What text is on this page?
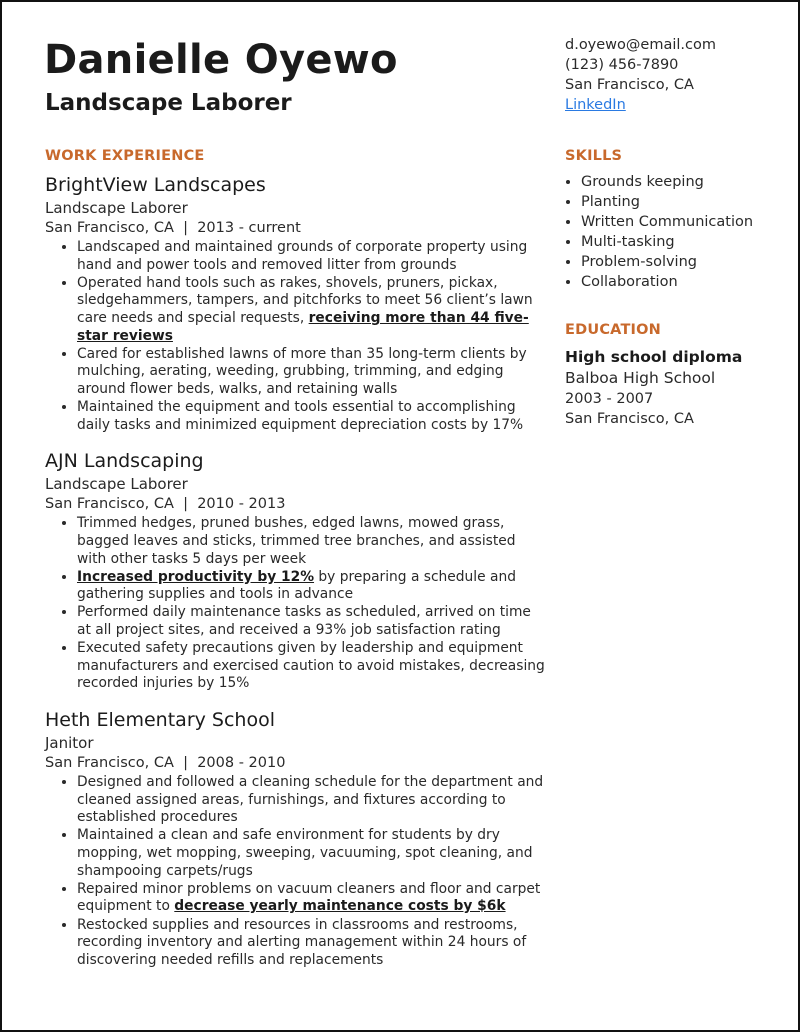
Danielle Oyewo
Landscape Laborer
d.oyewo@email.com
(123) 456-7890
San Francisco, CA
LinkedIn
WORK EXPERIENCE
BrightView Landscapes
Landscape Laborer
San Francisco, CA  |  2013 - current
• Landscaped and maintained grounds of corporate property using hand and power tools and removed litter from grounds
• Operated hand tools such as rakes, shovels, pruners, pickax, sledgehammers, tampers, and pitchforks to meet 56 client’s lawn care needs and special requests, receiving more than 44 five-star reviews
• Cared for established lawns of more than 35 long-term clients by mulching, aerating, weeding, grubbing, trimming, and edging around flower beds, walks, and retaining walls
• Maintained the equipment and tools essential to accomplishing daily tasks and minimized equipment depreciation costs by 17%
AJN Landscaping
Landscape Laborer
San Francisco, CA  |  2010 - 2013
• Trimmed hedges, pruned bushes, edged lawns, mowed grass, bagged leaves and sticks, trimmed tree branches, and assisted with other tasks 5 days per week
• Increased productivity by 12% by preparing a schedule and gathering supplies and tools in advance
• Performed daily maintenance tasks as scheduled, arrived on time at all project sites, and received a 93% job satisfaction rating
• Executed safety precautions given by leadership and equipment manufacturers and exercised caution to avoid mistakes, decreasing recorded injuries by 15%
Heth Elementary School
Janitor
San Francisco, CA  |  2008 - 2010
• Designed and followed a cleaning schedule for the department and cleaned assigned areas, furnishings, and fixtures according to established procedures
• Maintained a clean and safe environment for students by dry mopping, wet mopping, sweeping, vacuuming, spot cleaning, and shampooing carpets/rugs
• Repaired minor problems on vacuum cleaners and floor and carpet equipment to decrease yearly maintenance costs by $6k
• Restocked supplies and resources in classrooms and restrooms, recording inventory and alerting management within 24 hours of discovering needed refills and replacements
SKILLS
• Grounds keeping
• Planting
• Written Communication
• Multi-tasking
• Problem-solving
• Collaboration
EDUCATION
High school diploma
Balboa High School
2003 - 2007
San Francisco, CA
